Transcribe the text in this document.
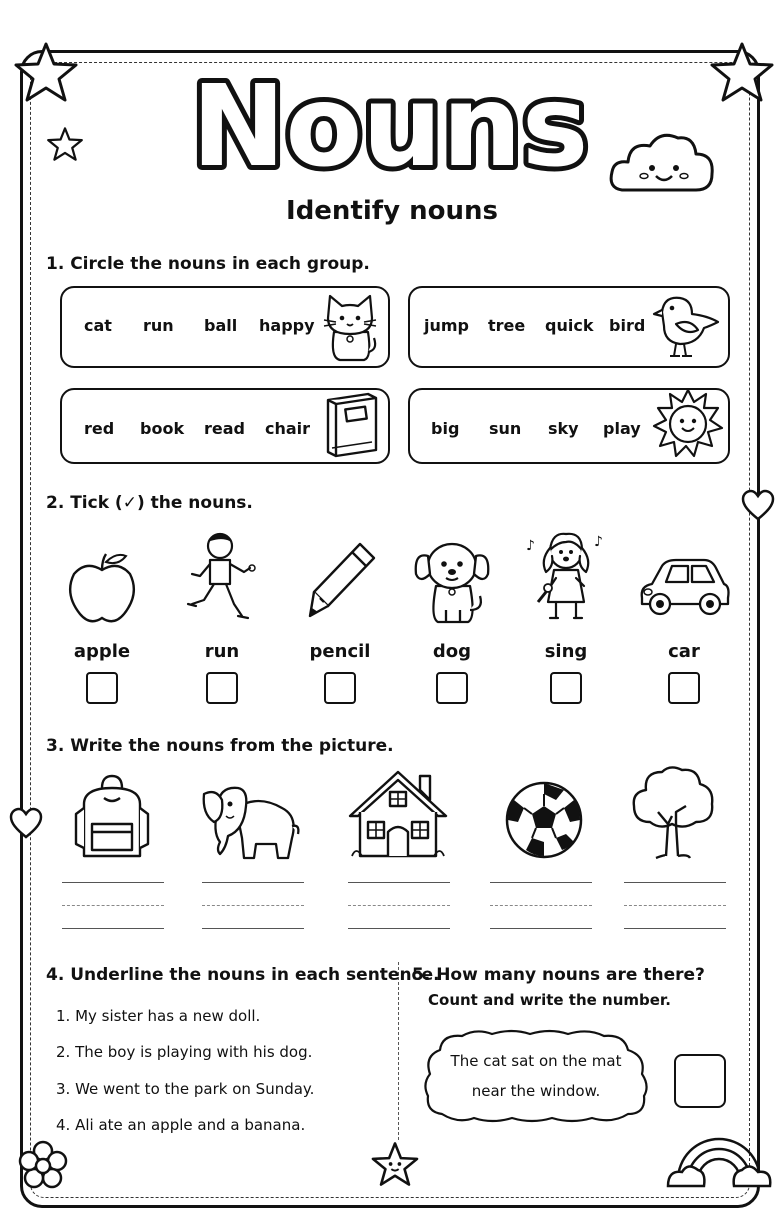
Nouns
Identify nouns
1. Circle the nouns in each group.
cat run ball happy	jump tree quick bird
red book read chair	big sun sky play
2. Tick (✓) the nouns.
♪	♪
apple	run	pencil	dog	sing	car
3. Write the nouns from the picture.
4. Underline the nouns in each sentence.
1. My sister has a new doll.
2. The boy is playing with his dog.
3. We went to the park on Sunday.
4. Ali ate an apple and a banana.
5. How many nouns are there?
Count and write the number.
The cat sat on the mat
near the window.
